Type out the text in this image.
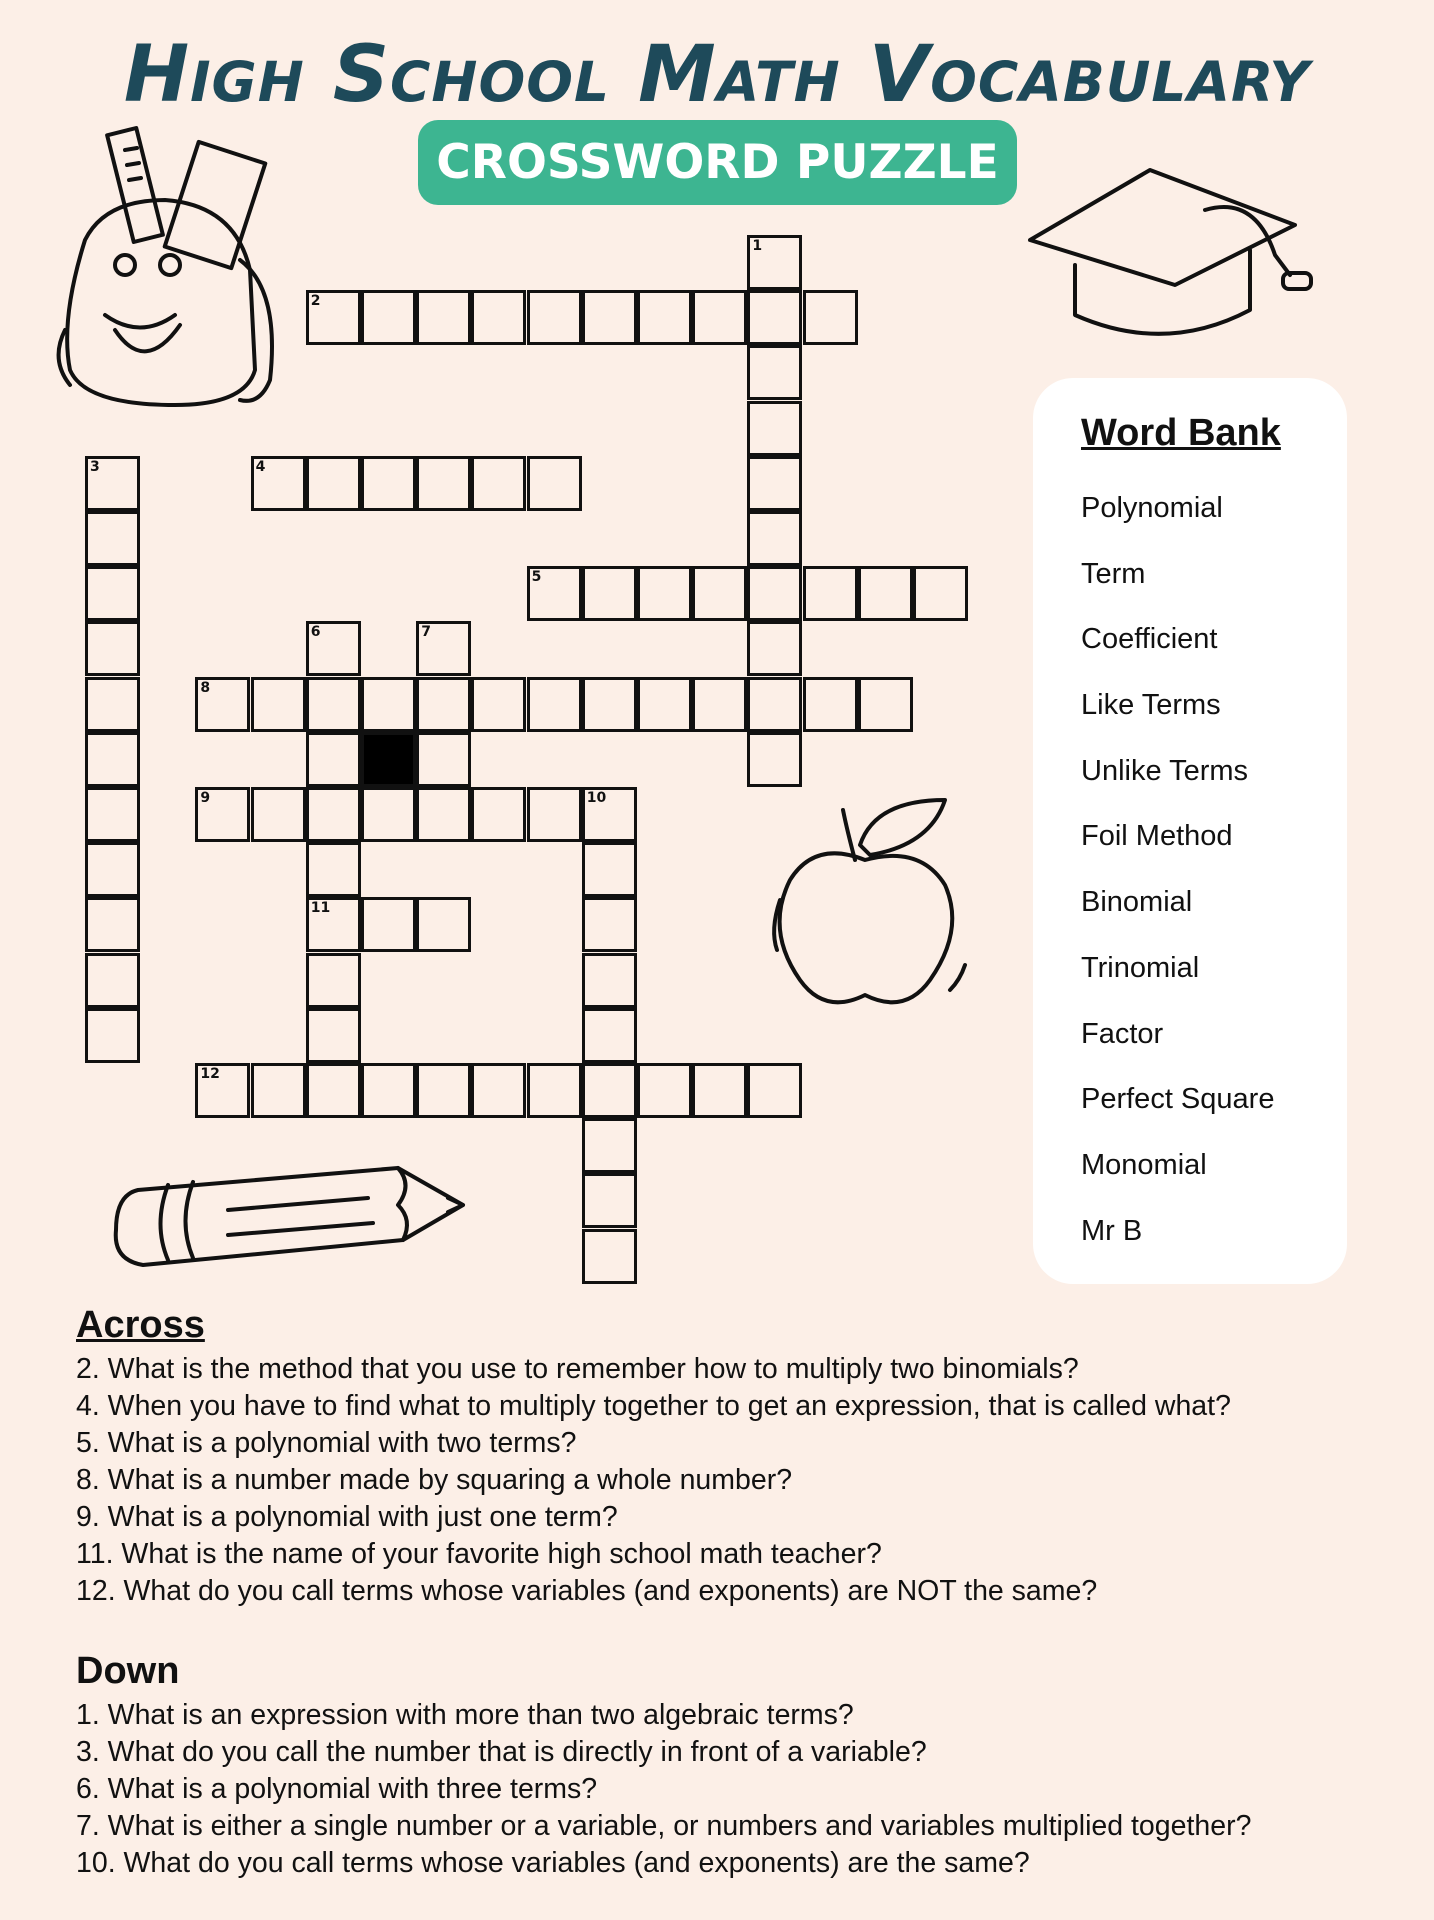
High School Math Vocabulary
CROSSWORD PUZZLE
1
2
3	4
5
6
11
7
8
9	10
12
Word Bank
Polynomial
Term
Coefficient
Like Terms
Unlike Terms
Foil Method
Binomial
Trinomial
Factor
Perfect Square
Monomial
Mr B
Across

2. What is the method that you use to remember how to multiply two binomials?

4. When you have to find what to multiply together to get an expression, that is called what?

5. What is a polynomial with two terms?

8. What is a number made by squaring a whole number?

9. What is a polynomial with just one term?

11. What is the name of your favorite high school math teacher?

12. What do you call terms whose variables (and exponents) are NOT the same?

Down

1. What is an expression with more than two algebraic terms?

3. What do you call the number that is directly in front of a variable?

6. What is a polynomial with three terms?

7. What is either a single number or a variable, or numbers and variables multiplied together?

10. What do you call terms whose variables (and exponents) are the same?
